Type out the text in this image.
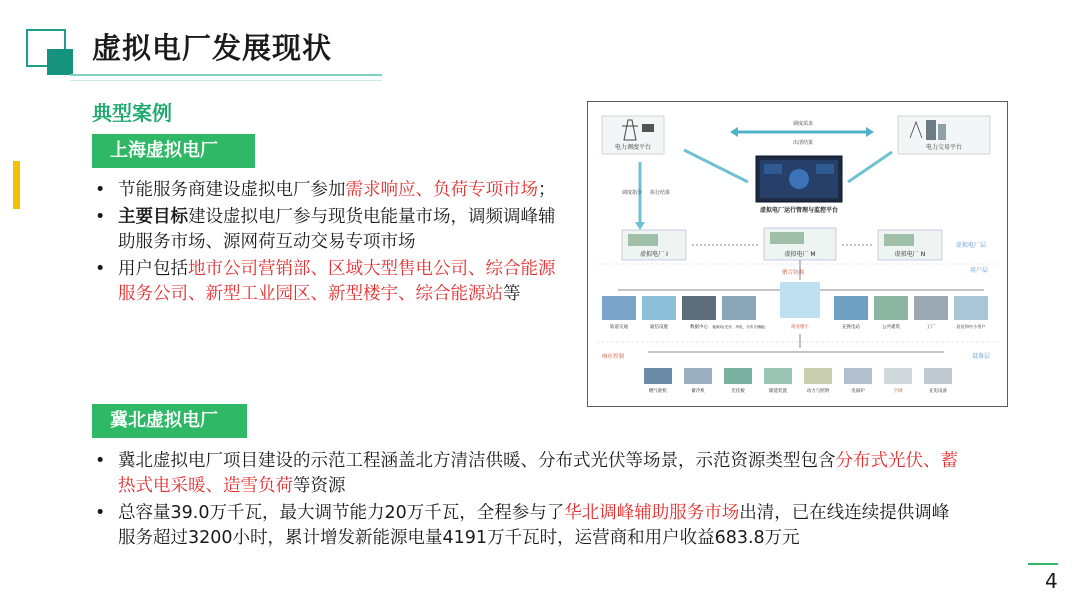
虚拟电厂发展现状
典型案例
上海虚拟电厂
• 节能服务商建设虚拟电厂参加需求响应、负荷专项市场；
• 主要目标建设虚拟电厂参与现货电能量市场，调频调峰辅助服务市场、源网荷互动交易专项市场
• 用户包括地市公司营销部、区域大型售电公司、综合能源服务公司、新型工业园区、新型楼宇、综合能源站等
电力调度平台	电力交易平台
调度需求
出清结果
调度指令 执行结果
虚拟电厂运行管理与监控平台
虚拟电厂 I	虚拟电厂 M	虚拟电厂 N
虚拟电厂层
用户层
聚合协调
轨道交通	通信设施	数据中心 能源站(光伏、风电、分布式储能)	商业楼宇	充换电站	公共建筑	工厂	居民和中小用户
响应控制	设备层
燃气轮机	蓄冷机	光伏板	储能装置	动力与照明	电锅炉	空调	充电设备
冀北虚拟电厂
• 冀北虚拟电厂项目建设的示范工程涵盖北方清洁供暖、分布式光伏等场景，示范资源类型包含分布式光伏、蓄热式电采暖、造雪负荷等资源
• 总容量39.0万千瓦，最大调节能力20万千瓦，全程参与了华北调峰辅助服务市场出清，已在线连续提供调峰服务超过3200小时，累计增发新能源电量4191万千瓦时，运营商和用户收益683.8万元
4
